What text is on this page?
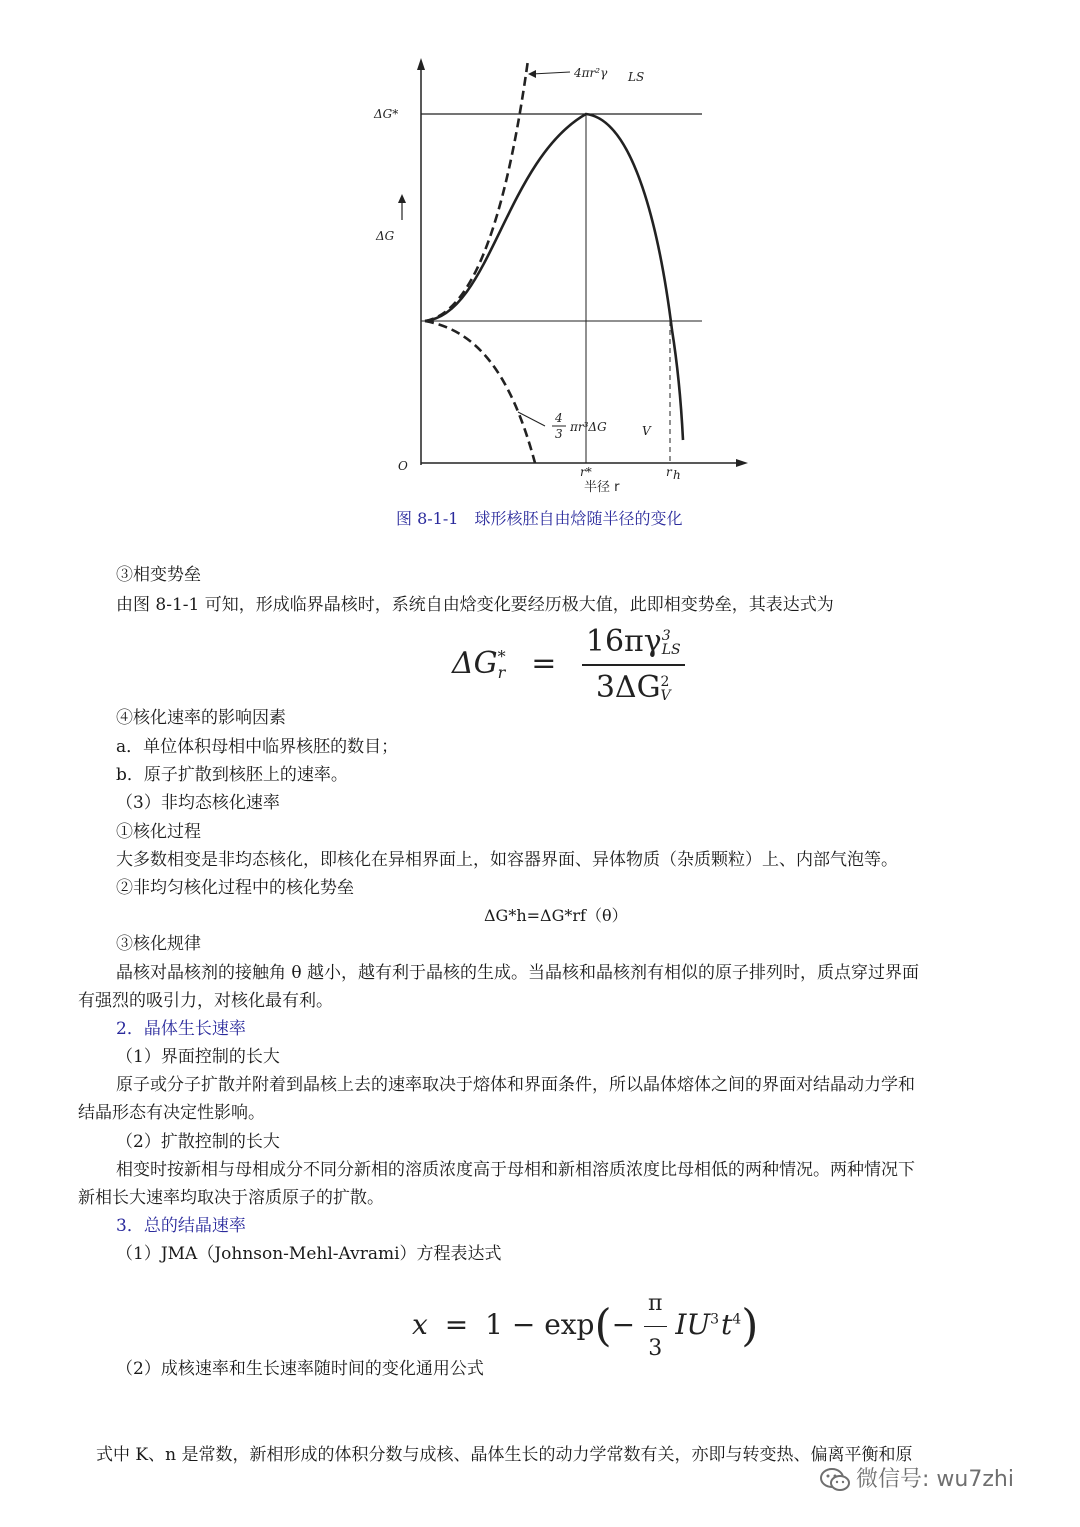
ΔG*
ΔG
O
4πr²γ LS
4
3 πr³ΔG	V
r*	r h
半径 r
图 8-1-1　球形核胚自由焓随半径的变化
③相变势垒
由图 8-1-1 可知，形成临界晶核时，系统自由焓变化要经历极大值，此即相变势垒，其表达式为
ΔG *
r = 16πγ 3
LS
3ΔG 2
V
④核化速率的影响因素
a．单位体积母相中临界核胚的数目；
b．原子扩散到核胚上的速率。
（3）非均态核化速率
①核化过程
大多数相变是非均态核化，即核化在异相界面上，如容器界面、异体物质（杂质颗粒）上、内部气泡等。
②非均匀核化过程中的核化势垒
ΔG*h=ΔG*rf（θ）
③核化规律
晶核对晶核剂的接触角 θ 越小，越有利于晶核的生成。当晶核和晶核剂有相似的原子排列时，质点穿过界面
有强烈的吸引力，对核化最有利。
2．晶体生长速率
（1）界面控制的长大
原子或分子扩散并附着到晶核上去的速率取决于熔体和界面条件，所以晶体熔体之间的界面对结晶动力学和
结晶形态有决定性影响。
（2）扩散控制的长大
相变时按新相与母相成分不同分新相的溶质浓度高于母相和新相溶质浓度比母相低的两种情况。两种情况下
新相长大速率均取决于溶质原子的扩散。
3．总的结晶速率
（1）JMA（Johnson-Mehl-Avrami）方程表达式
$x = 1 - \exp(- \frac{\pi}{3} IU^3t^4)$
（2）成核速率和生长速率随时间的变化通用公式
式中 K、n 是常数，新相形成的体积分数与成核、晶体生长的动力学常数有关，亦即与转变热、偏离平衡和原
微信号: wu7zhi
